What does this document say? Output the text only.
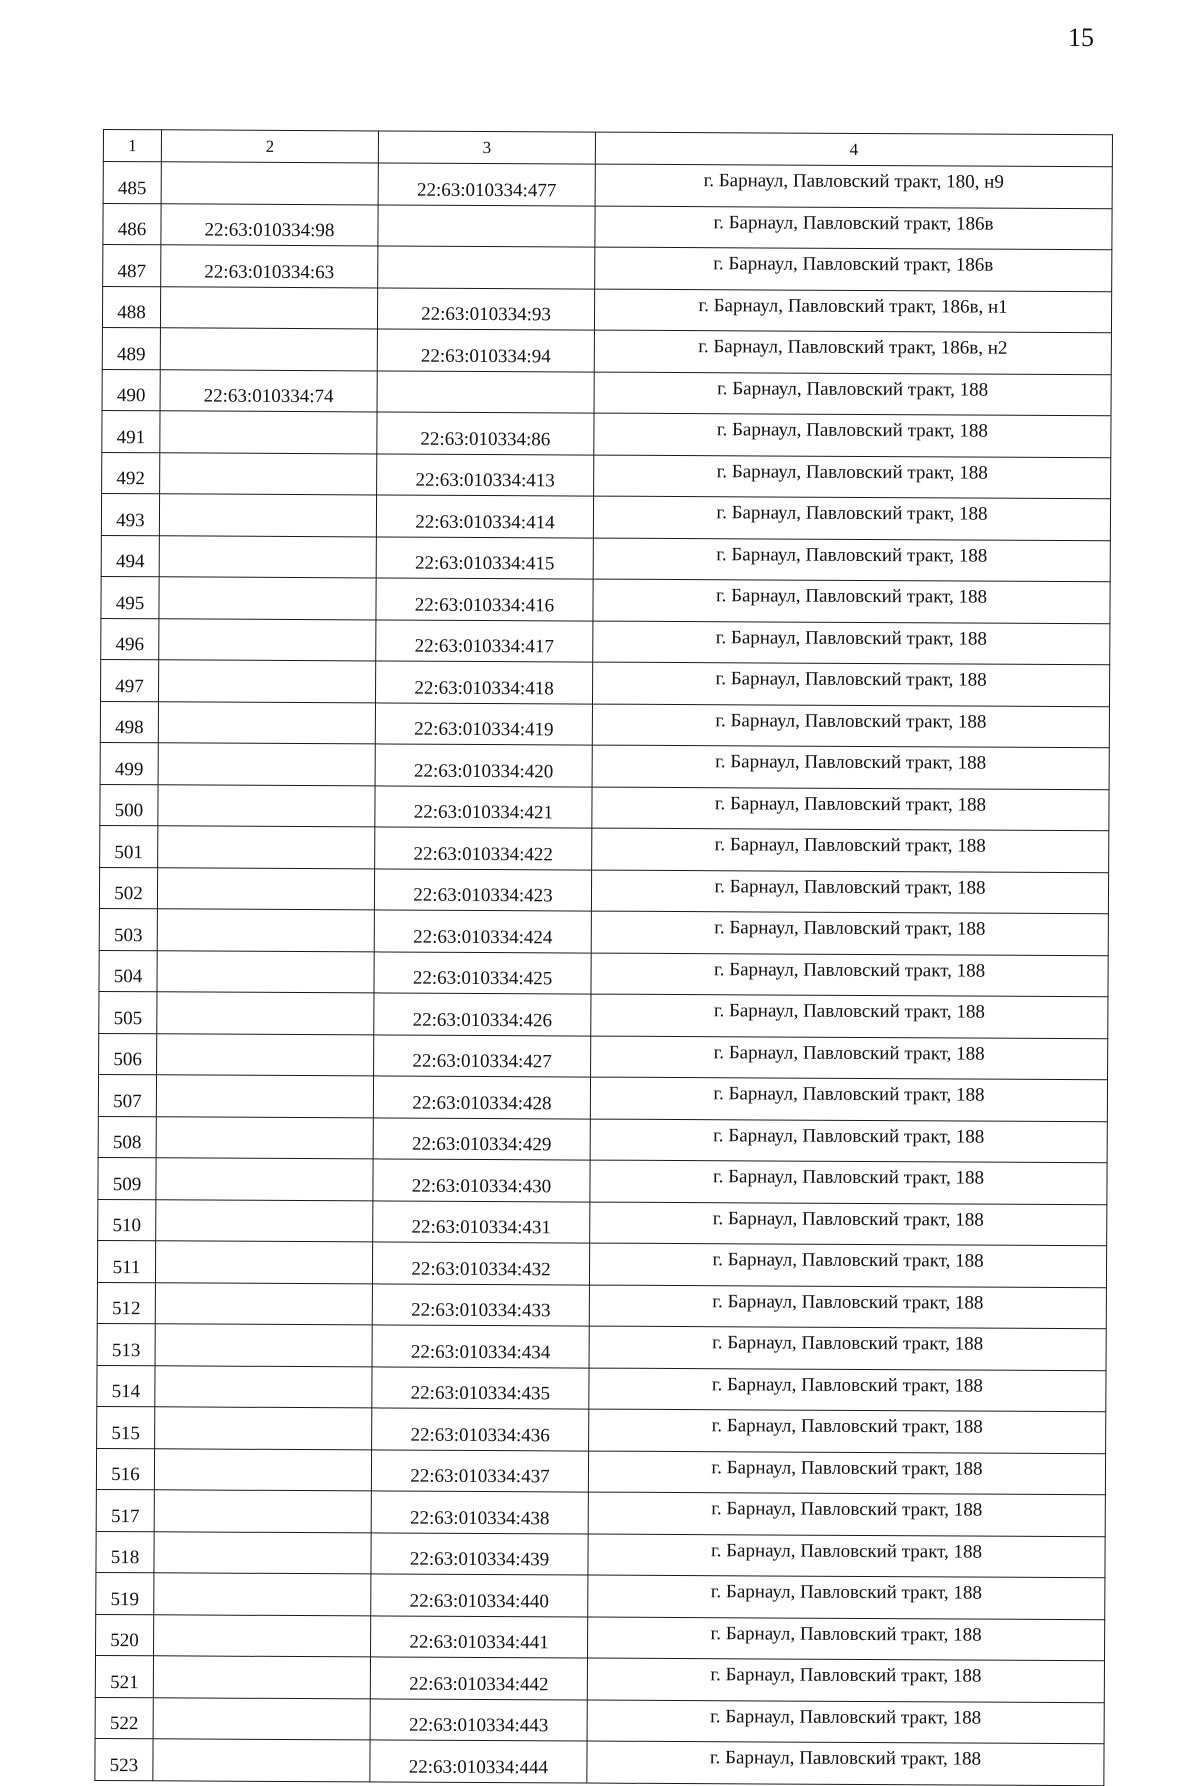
15
1	2	3	4
485		22:63:010334:477	г. Барнаул, Павловский тракт, 180, н9
486	22:63:010334:98		г. Барнаул, Павловский тракт, 186в
487	22:63:010334:63		г. Барнаул, Павловский тракт, 186в
488		22:63:010334:93	г. Барнаул, Павловский тракт, 186в, н1
489		22:63:010334:94	г. Барнаул, Павловский тракт, 186в, н2
490	22:63:010334:74		г. Барнаул, Павловский тракт, 188
491		22:63:010334:86	г. Барнаул, Павловский тракт, 188
492		22:63:010334:413	г. Барнаул, Павловский тракт, 188
493		22:63:010334:414	г. Барнаул, Павловский тракт, 188
494		22:63:010334:415	г. Барнаул, Павловский тракт, 188
495		22:63:010334:416	г. Барнаул, Павловский тракт, 188
496		22:63:010334:417	г. Барнаул, Павловский тракт, 188
497		22:63:010334:418	г. Барнаул, Павловский тракт, 188
498		22:63:010334:419	г. Барнаул, Павловский тракт, 188
499		22:63:010334:420	г. Барнаул, Павловский тракт, 188
500		22:63:010334:421	г. Барнаул, Павловский тракт, 188
501		22:63:010334:422	г. Барнаул, Павловский тракт, 188
502		22:63:010334:423	г. Барнаул, Павловский тракт, 188
503		22:63:010334:424	г. Барнаул, Павловский тракт, 188
504		22:63:010334:425	г. Барнаул, Павловский тракт, 188
505		22:63:010334:426	г. Барнаул, Павловский тракт, 188
506		22:63:010334:427	г. Барнаул, Павловский тракт, 188
507		22:63:010334:428	г. Барнаул, Павловский тракт, 188
508		22:63:010334:429	г. Барнаул, Павловский тракт, 188
509		22:63:010334:430	г. Барнаул, Павловский тракт, 188
510		22:63:010334:431	г. Барнаул, Павловский тракт, 188
511		22:63:010334:432	г. Барнаул, Павловский тракт, 188
512		22:63:010334:433	г. Барнаул, Павловский тракт, 188
513		22:63:010334:434	г. Барнаул, Павловский тракт, 188
514		22:63:010334:435	г. Барнаул, Павловский тракт, 188
515		22:63:010334:436	г. Барнаул, Павловский тракт, 188
516		22:63:010334:437	г. Барнаул, Павловский тракт, 188
517		22:63:010334:438	г. Барнаул, Павловский тракт, 188
518		22:63:010334:439	г. Барнаул, Павловский тракт, 188
519		22:63:010334:440	г. Барнаул, Павловский тракт, 188
520		22:63:010334:441	г. Барнаул, Павловский тракт, 188
521		22:63:010334:442	г. Барнаул, Павловский тракт, 188
522		22:63:010334:443	г. Барнаул, Павловский тракт, 188
523		22:63:010334:444	г. Барнаул, Павловский тракт, 188
